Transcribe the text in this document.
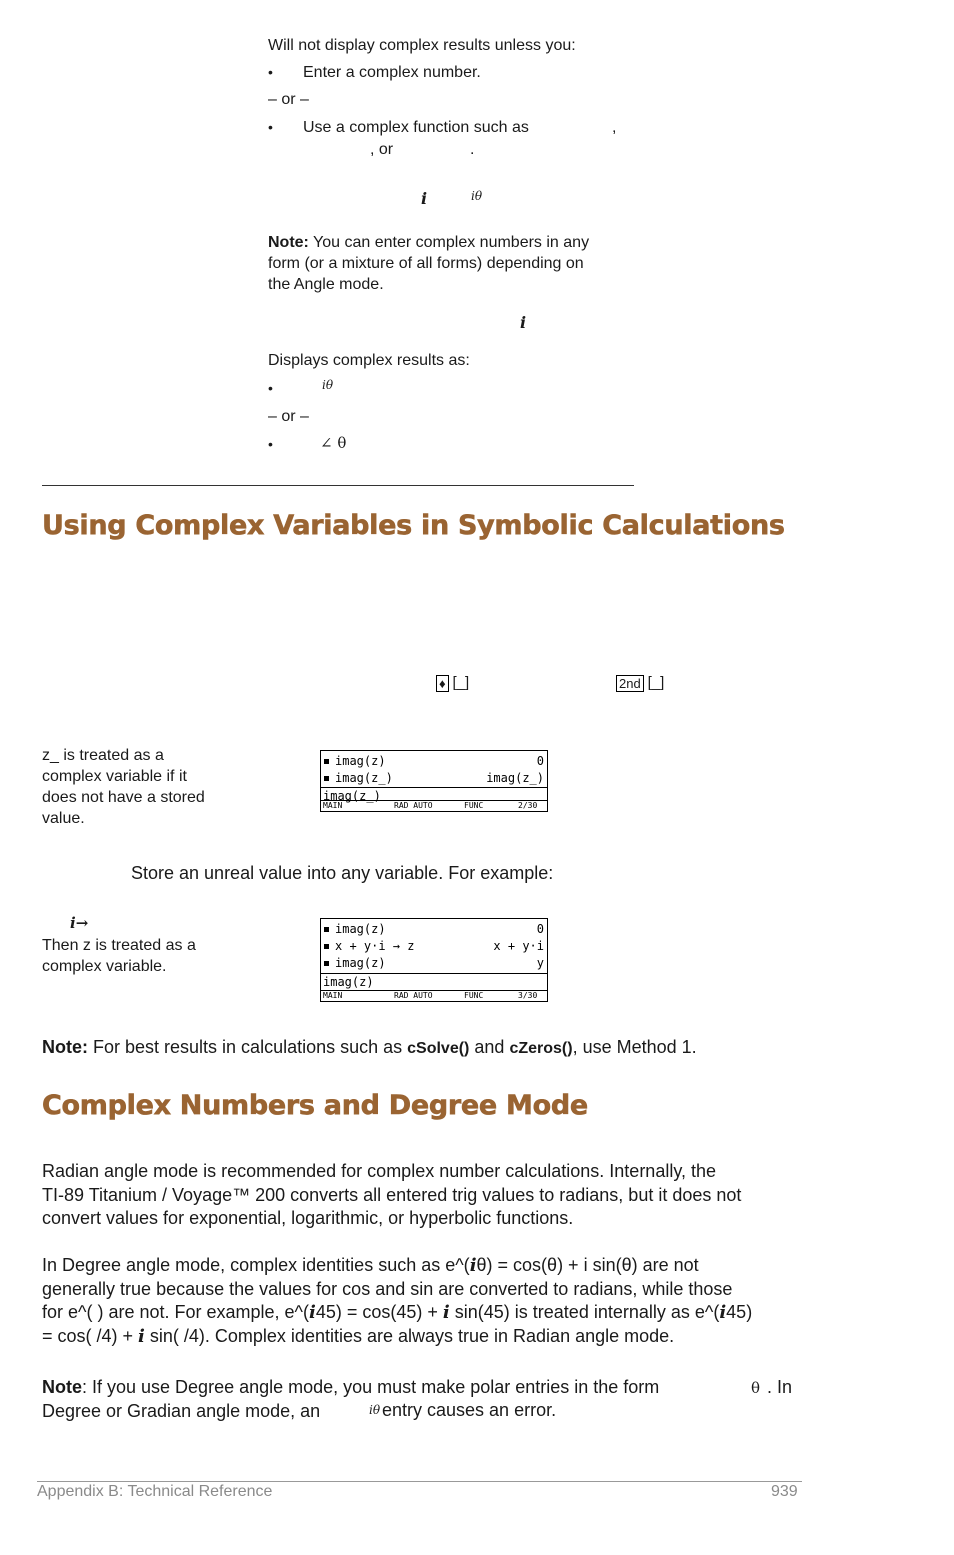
Will not display complex results unless you:
• Enter a complex number.
– or –
• Use a complex function such as	,
, or	.
i	iθ
Note: You can enter complex numbers in any
form (or a mixture of all forms) depending on
the Angle mode.
i
Displays complex results as:
•	iθ
– or –
•	∠ θ
Using Complex Variables in Symbolic Calculations
♦ [_]	2nd [_]
z_ is treated as a
complex variable if it
does not have a stored
value.
imag(z)	0
imag(z_)	imag(z_)
imag(z_)
MAIN	RAD AUTO	FUNC	2/30
Store an unreal value into any variable. For example:
i→
Then z is treated as a
complex variable.
imag(z)	0
x + y·i → z	x + y·i
imag(z)	y
imag(z)
MAIN	RAD AUTO	FUNC	3/30
Note: For best results in calculations such as cSolve() and cZeros(), use Method 1.
Complex Numbers and Degree Mode
Radian angle mode is recommended for complex number calculations. Internally, the
TI-89 Titanium / Voyage™ 200 converts all entered trig values to radians, but it does not
convert values for exponential, logarithmic, or hyperbolic functions.
In Degree angle mode, complex identities such as e^(iθ) = cos(θ) + i sin(θ) are not
generally true because the values for cos and sin are converted to radians, while those
for e^( ) are not. For example, e^(i45) = cos(45) + i sin(45) is treated internally as e^(i45)
= cos( /4) + i sin( /4). Complex identities are always true in Radian angle mode.
Note: If you use Degree angle mode, you must make polar entries in the form
Degree or Gradian angle mode, an
θ . In
iθ entry causes an error.
Appendix B: Technical Reference	939
